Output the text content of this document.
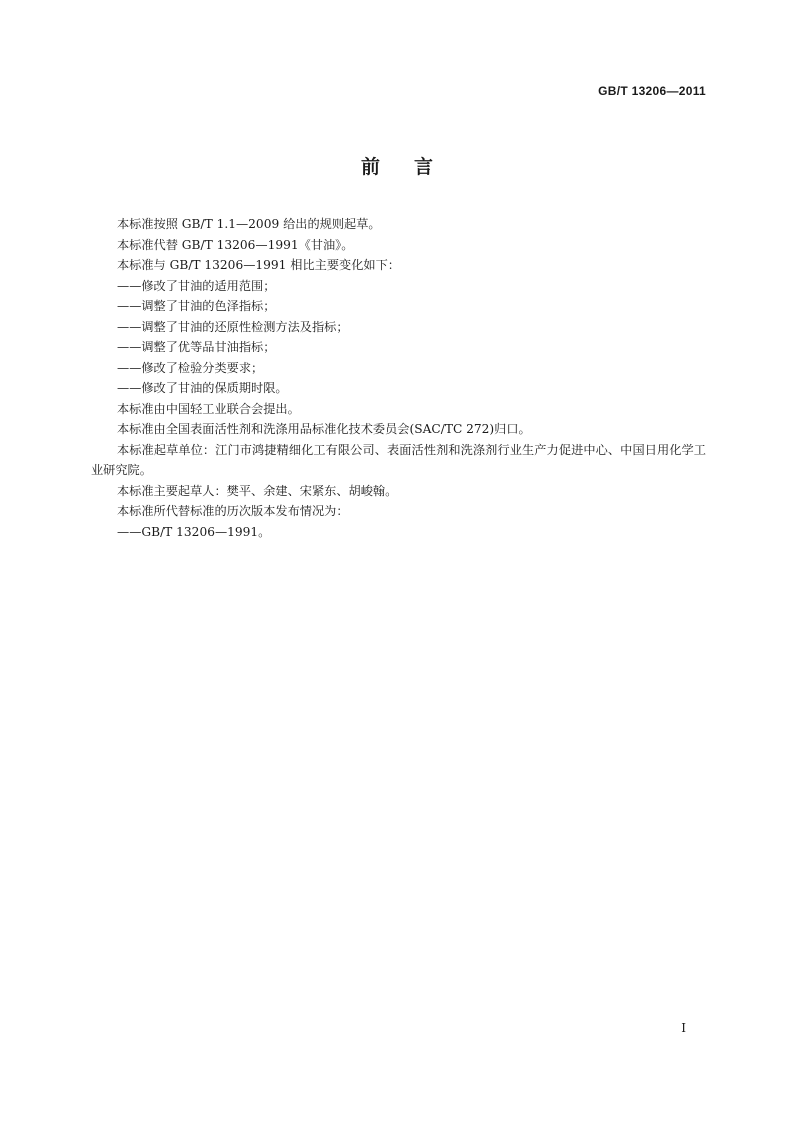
GB/T 13206—2011
前言

本标准按照 GB/T 1.1—2009 给出的规则起草。

本标准代替 GB/T 13206—1991《甘油》。

本标准与 GB/T 13206—1991 相比主要变化如下：

——修改了甘油的适用范围；

——调整了甘油的色泽指标；

——调整了甘油的还原性检测方法及指标；

——调整了优等品甘油指标；

——修改了检验分类要求；

——修改了甘油的保质期时限。

本标准由中国轻工业联合会提出。

本标准由全国表面活性剂和洗涤用品标准化技术委员会(SAC/TC 272)归口。

本标准起草单位：江门市鸿捷精细化工有限公司、表面活性剂和洗涤剂行业生产力促进中心、中国日用化学工业研究院。

本标准主要起草人：樊平、余建、宋紧东、胡峻翰。

本标准所代替标准的历次版本发布情况为：

——GB/T 13206—1991。

I
